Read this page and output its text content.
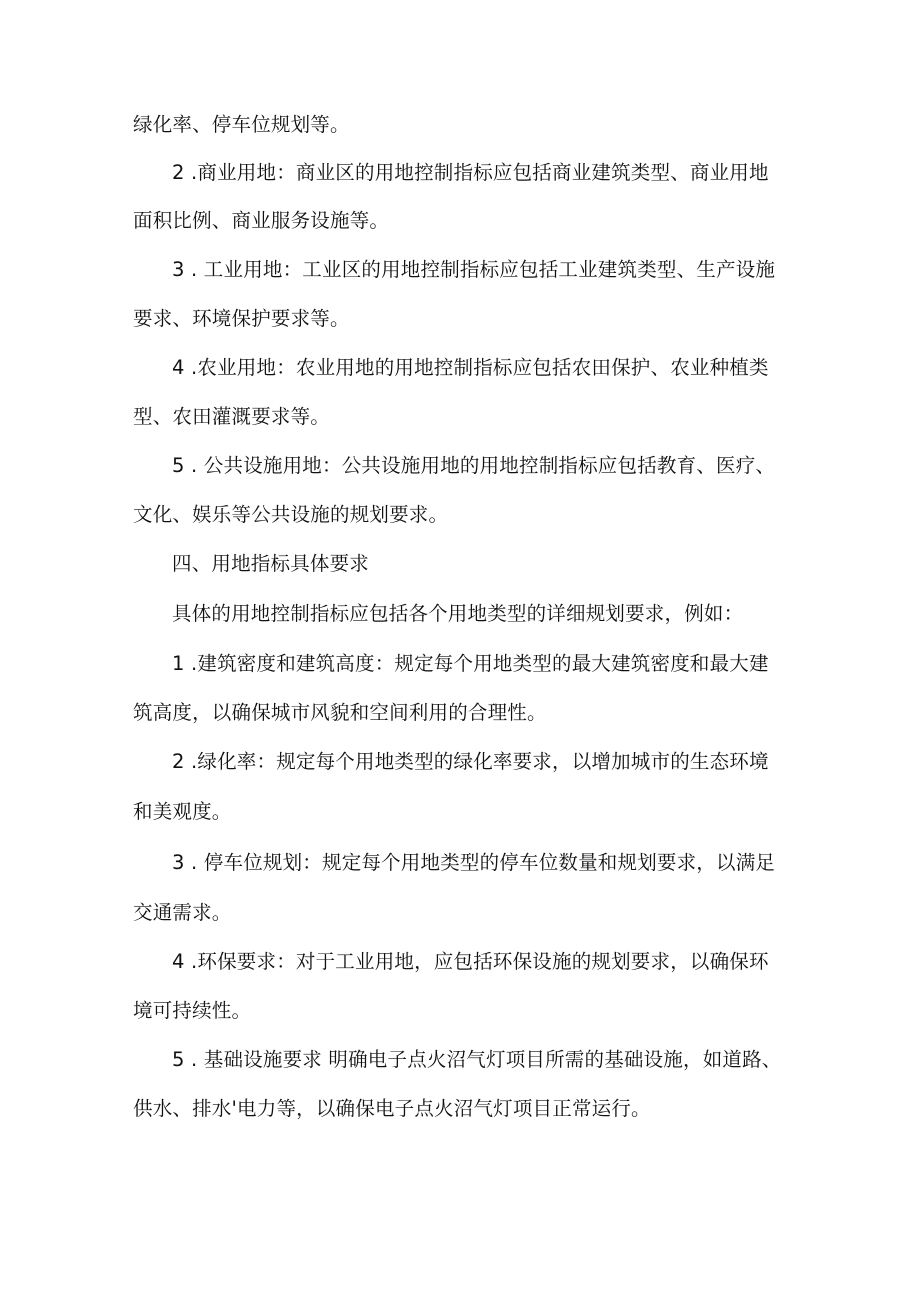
绿化率、停车位规划等。
2 .商业用地：商业区的用地控制指标应包括商业建筑类型、商业用地
面积比例、商业服务设施等。
3 . 工业用地：工业区的用地控制指标应包括工业建筑类型、生产设施
要求、环境保护要求等。
4 .农业用地：农业用地的用地控制指标应包括农田保护、农业种植类
型、农田灌溉要求等。
5 . 公共设施用地：公共设施用地的用地控制指标应包括教育、医疗、
文化、娱乐等公共设施的规划要求。
四、用地指标具体要求
具体的用地控制指标应包括各个用地类型的详细规划要求，例如：
1 .建筑密度和建筑高度：规定每个用地类型的最大建筑密度和最大建
筑高度，以确保城市风貌和空间利用的合理性。
2 .绿化率：规定每个用地类型的绿化率要求，以增加城市的生态环境
和美观度。
3 . 停车位规划：规定每个用地类型的停车位数量和规划要求，以满足
交通需求。
4 .环保要求：对于工业用地，应包括环保设施的规划要求，以确保环
境可持续性。
5 . 基础设施要求 明确电子点火沼气灯项目所需的基础设施，如道路、
供水、排水'电力等，以确保电子点火沼气灯项目正常运行。
